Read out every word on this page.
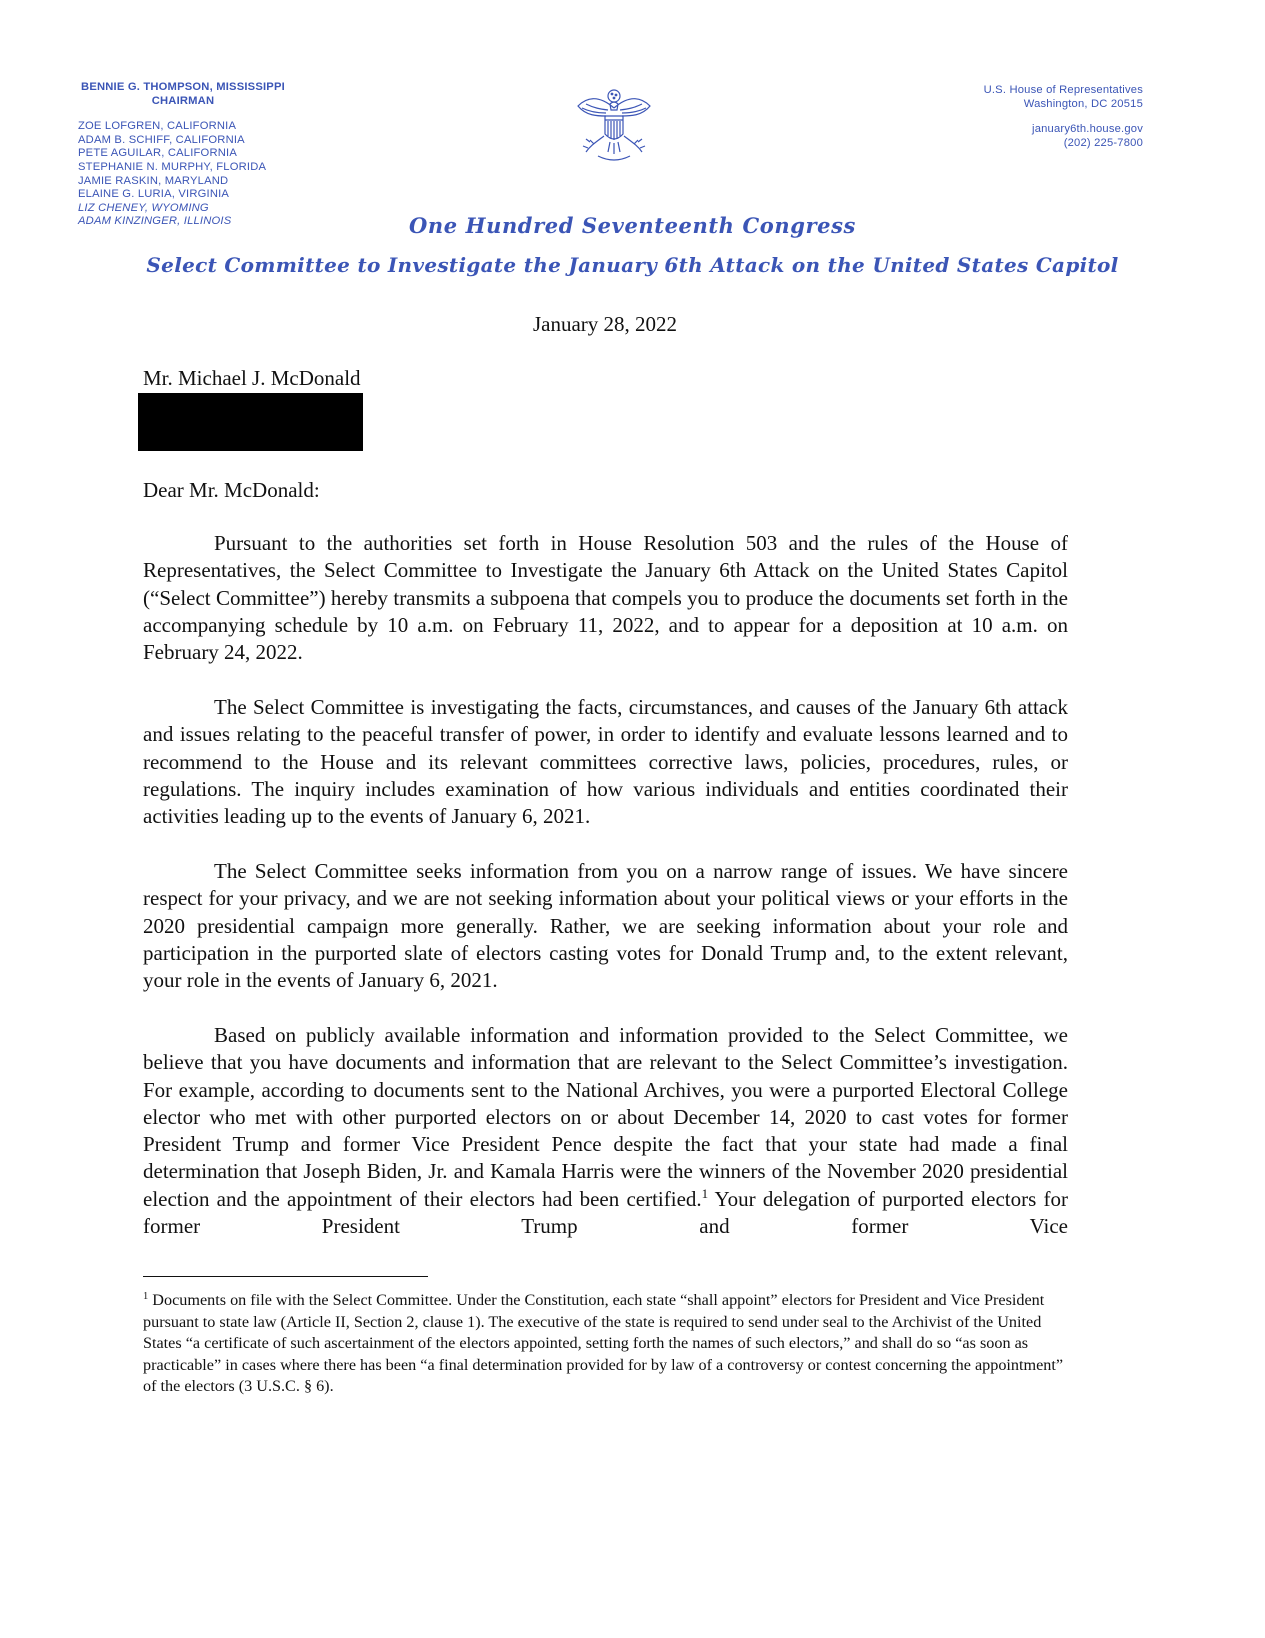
BENNIE G. THOMPSON, MISSISSIPPI
CHAIRMAN
ZOE LOFGREN, CALIFORNIA
ADAM B. SCHIFF, CALIFORNIA
PETE AGUILAR, CALIFORNIA
STEPHANIE N. MURPHY, FLORIDA
JAMIE RASKIN, MARYLAND
ELAINE G. LURIA, VIRGINIA
LIZ CHENEY, WYOMING
ADAM KINZINGER, ILLINOIS
U.S. House of Representatives
Washington, DC 20515
january6th.house.gov
(202) 225-7800
One Hundred Seventeenth Congress
Select Committee to Investigate the January 6th Attack on the United States Capitol
January 28, 2022
Mr. Michael J. McDonald
Dear Mr. McDonald:

Pursuant to the authorities set forth in House Resolution 503 and the rules of the House of Representatives, the Select Committee to Investigate the January 6th Attack on the United States Capitol (“Select Committee”) hereby transmits a subpoena that compels you to produce the documents set forth in the accompanying schedule by 10 a.m. on February 11, 2022, and to appear for a deposition at 10 a.m. on February 24, 2022.

The Select Committee is investigating the facts, circumstances, and causes of the January 6th attack and issues relating to the peaceful transfer of power, in order to identify and evaluate lessons learned and to recommend to the House and its relevant committees corrective laws, policies, procedures, rules, or regulations. The inquiry includes examination of how various individuals and entities coordinated their activities leading up to the events of January 6, 2021.

The Select Committee seeks information from you on a narrow range of issues. We have sincere respect for your privacy, and we are not seeking information about your political views or your efforts in the 2020 presidential campaign more generally. Rather, we are seeking information about your role and participation in the purported slate of electors casting votes for Donald Trump and, to the extent relevant, your role in the events of January 6, 2021.

Based on publicly available information and information provided to the Select Committee, we believe that you have documents and information that are relevant to the Select Committee’s investigation. For example, according to documents sent to the National Archives, you were a purported Electoral College elector who met with other purported electors on or about December 14, 2020 to cast votes for former President Trump and former Vice President Pence despite the fact that your state had made a final determination that Joseph Biden, Jr. and Kamala Harris were the winners of the November 2020 presidential election and the appointment of their electors had been certified.$^1$ Your delegation of purported electors for former President Trump and former Vice

$^1$ Documents on file with the Select Committee. Under the Constitution, each state “shall appoint” electors for President and Vice President pursuant to state law (Article II, Section 2, clause 1). The executive of the state is required to send under seal to the Archivist of the United States “a certificate of such ascertainment of the electors appointed, setting forth the names of such electors,” and shall do so “as soon as practicable” in cases where there has been “a final determination provided for by law of a controversy or contest concerning the appointment” of the electors (3 U.S.C. § 6).
